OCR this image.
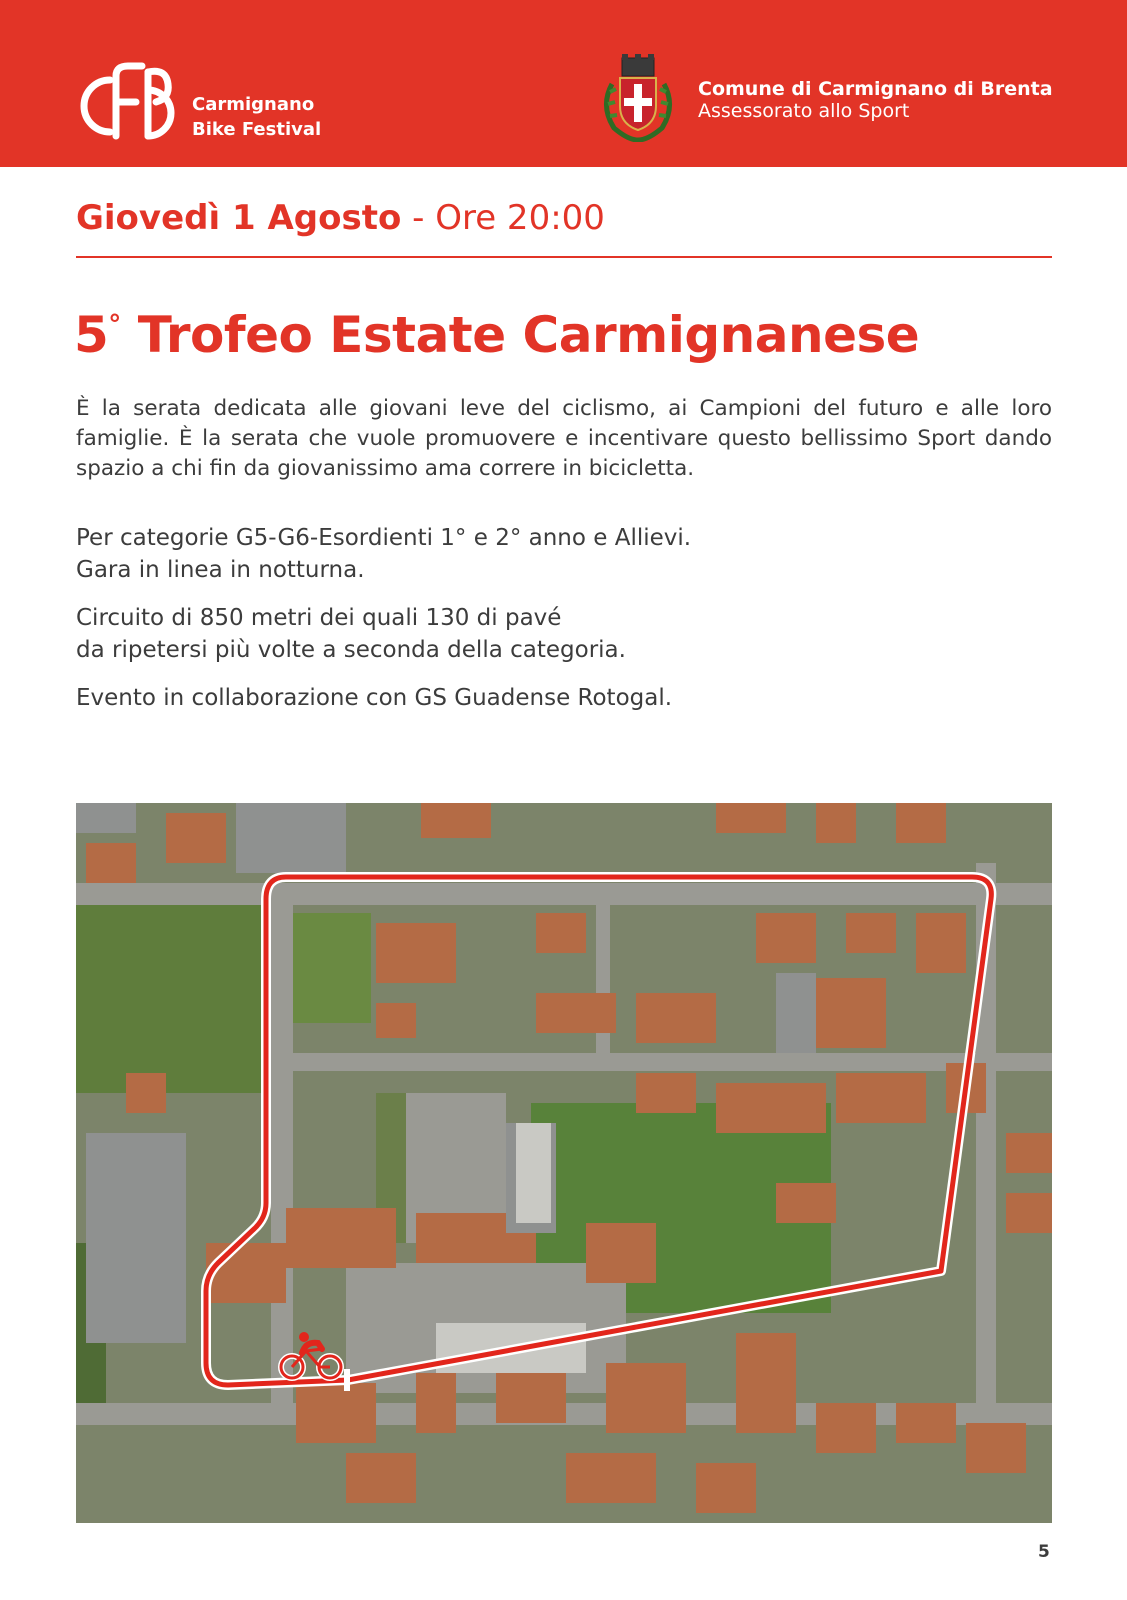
Carmignano
Bike Festival
Comune di Carmignano di Brenta
Assessorato allo Sport
Giovedì 1 Agosto - Ore 20:00
5° Trofeo Estate Carmignanese
È la serata dedicata alle giovani leve del ciclismo, ai Campioni del futuro e alle loro famiglie. È la serata che vuole promuovere e incentivare questo bellissimo Sport dando spazio a chi fin da giovanissimo ama correre in bicicletta.

Per categorie G5-G6-Esordienti 1° e 2° anno e Allievi.

Gara in linea in notturna.

Circuito di 850 metri dei quali 130 di pavé

da ripetersi più volte a seconda della categoria.

Evento in collaborazione con GS Guadense Rotogal.

5
